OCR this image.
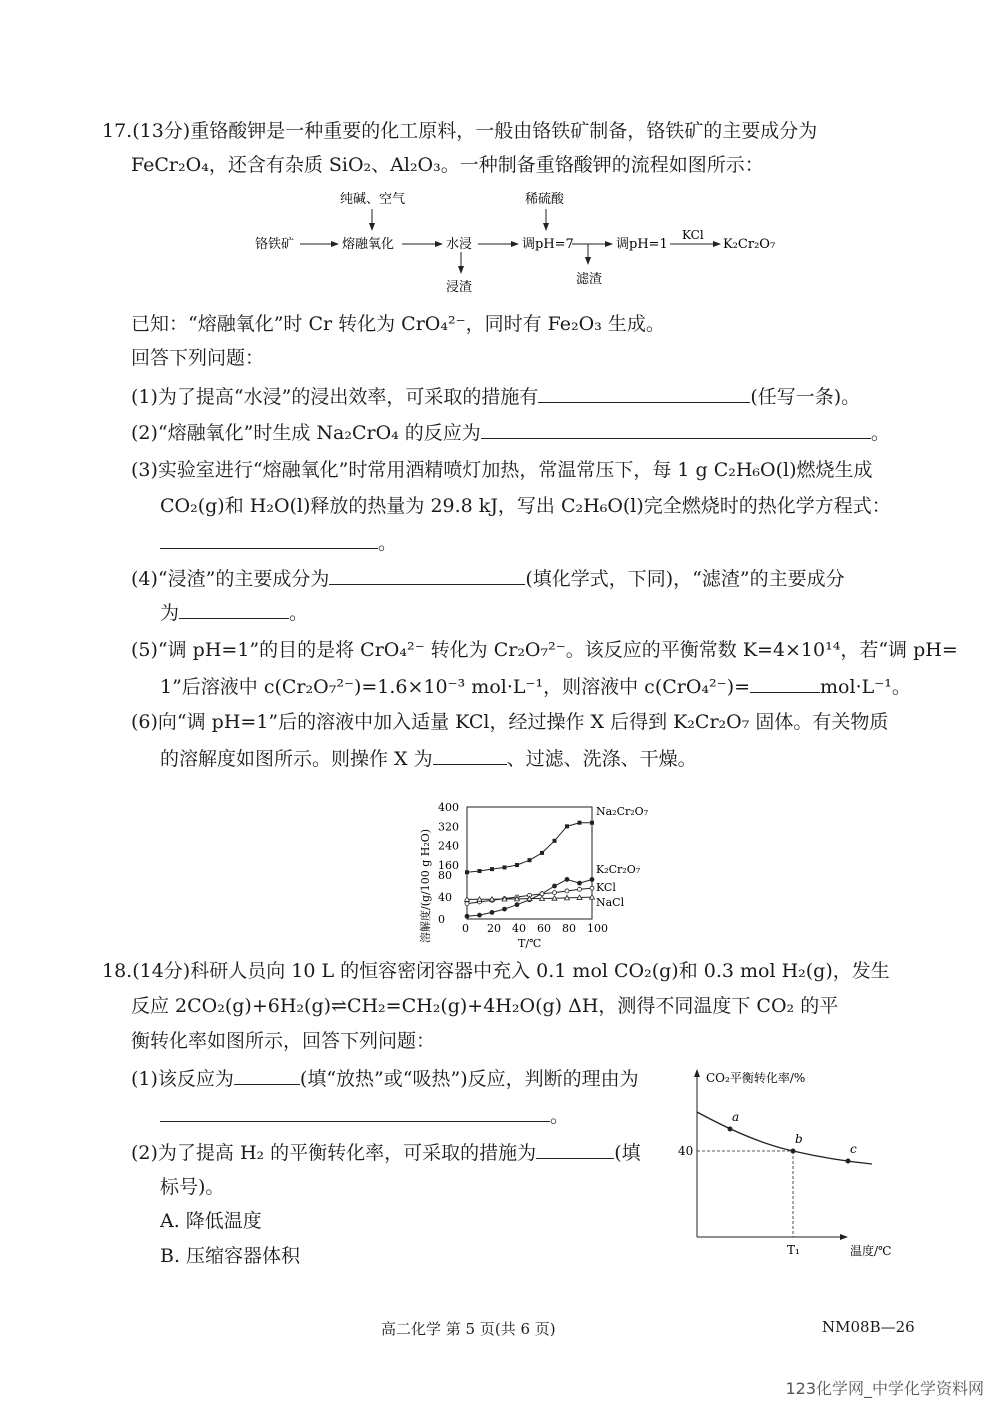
17.(13分)重铬酸钾是一种重要的化工原料，一般由铬铁矿制备，铬铁矿的主要成分为
FeCr₂O₄，还含有杂质 SiO₂、Al₂O₃。一种制备重铬酸钾的流程如图所示：
纯碱、空气	稀硫酸
铬铁矿	熔融氧化	水浸	调pH=7	调pH=1
KCl
K₂Cr₂O₇
浸渣
滤渣
已知：“熔融氧化”时 Cr 转化为 CrO₄²⁻，同时有 Fe₂O₃ 生成。
回答下列问题：
(1)为了提高“水浸”的浸出效率，可采取的措施有	(任写一条)。
(2)“熔融氧化”时生成 Na₂CrO₄ 的反应为	。
(3)实验室进行“熔融氧化”时常用酒精喷灯加热，常温常压下，每 1 g C₂H₆O(l)燃烧生成
CO₂(g)和 H₂O(l)释放的热量为 29.8 kJ，写出 C₂H₆O(l)完全燃烧时的热化学方程式：
。
(4)“浸渣”的主要成分为	(填化学式，下同)，“滤渣”的主要成分
为	。
(5)“调 pH=1”的目的是将 CrO₄²⁻ 转化为 Cr₂O₇²⁻。该反应的平衡常数 K=4×10¹⁴，若“调 pH=
1”后溶液中 c(Cr₂O₇²⁻)=1.6×10⁻³ mol·L⁻¹，则溶液中 c(CrO₄²⁻)=	mol·L⁻¹。
(6)向“调 pH=1”后的溶液中加入适量 KCl，经过操作 X 后得到 K₂Cr₂O₇ 固体。有关物质
的溶解度如图所示。则操作 X 为	、过滤、洗涤、干燥。
溶解度/(g/100 g H₂O)
400
320
240
160
80
40
0
0 20 40 60 80 100
Na₂Cr₂O₇
K₂Cr₂O₇
KCl
NaCl
T/℃
18.(14分)科研人员向 10 L 的恒容密闭容器中充入 0.1 mol CO₂(g)和 0.3 mol H₂(g)，发生
反应 2CO₂(g)+6H₂(g)⇌CH₂=CH₂(g)+4H₂O(g) ΔH，测得不同温度下 CO₂ 的平
衡转化率如图所示，回答下列问题：
(1)该反应为	(填“放热”或“吸热”)反应，判断的理由为
。
(2)为了提高 H₂ 的平衡转化率，可采取的措施为	(填
标号)。
A. 降低温度
B. 压缩容器体积
CO₂平衡转化率/%
温度/℃
40
T₁
a
b
c
高二化学 第 5 页(共 6 页)	NM08B—26
123化学网_中学化学资料网
